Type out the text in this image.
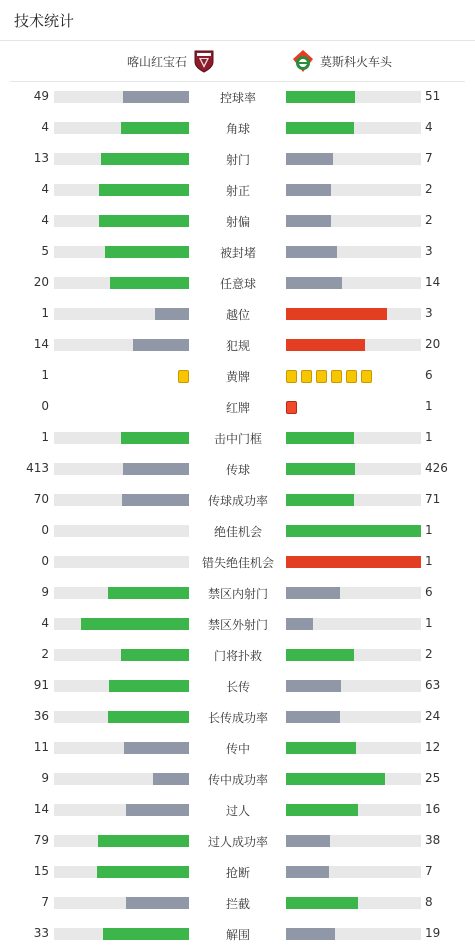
技术统计
喀山红宝石	莫斯科火车头
49	控球率	51
4	角球	4
13	射门	7
4	射正	2
4	射偏	2
5	被封堵	3
20	任意球	14
1	越位	3
14	犯规	20
1	黄牌	6
0	红牌	1
1	击中门框	1
413	传球	426
70	传球成功率	71
0	绝佳机会	1
0	错失绝佳机会	1
9	禁区内射门	6
4	禁区外射门	1
2	门将扑救	2
91	长传	63
36	长传成功率	24
11	传中	12
9	传中成功率	25
14	过人	16
79	过人成功率	38
15	抢断	7
7	拦截	8
33	解围	19
